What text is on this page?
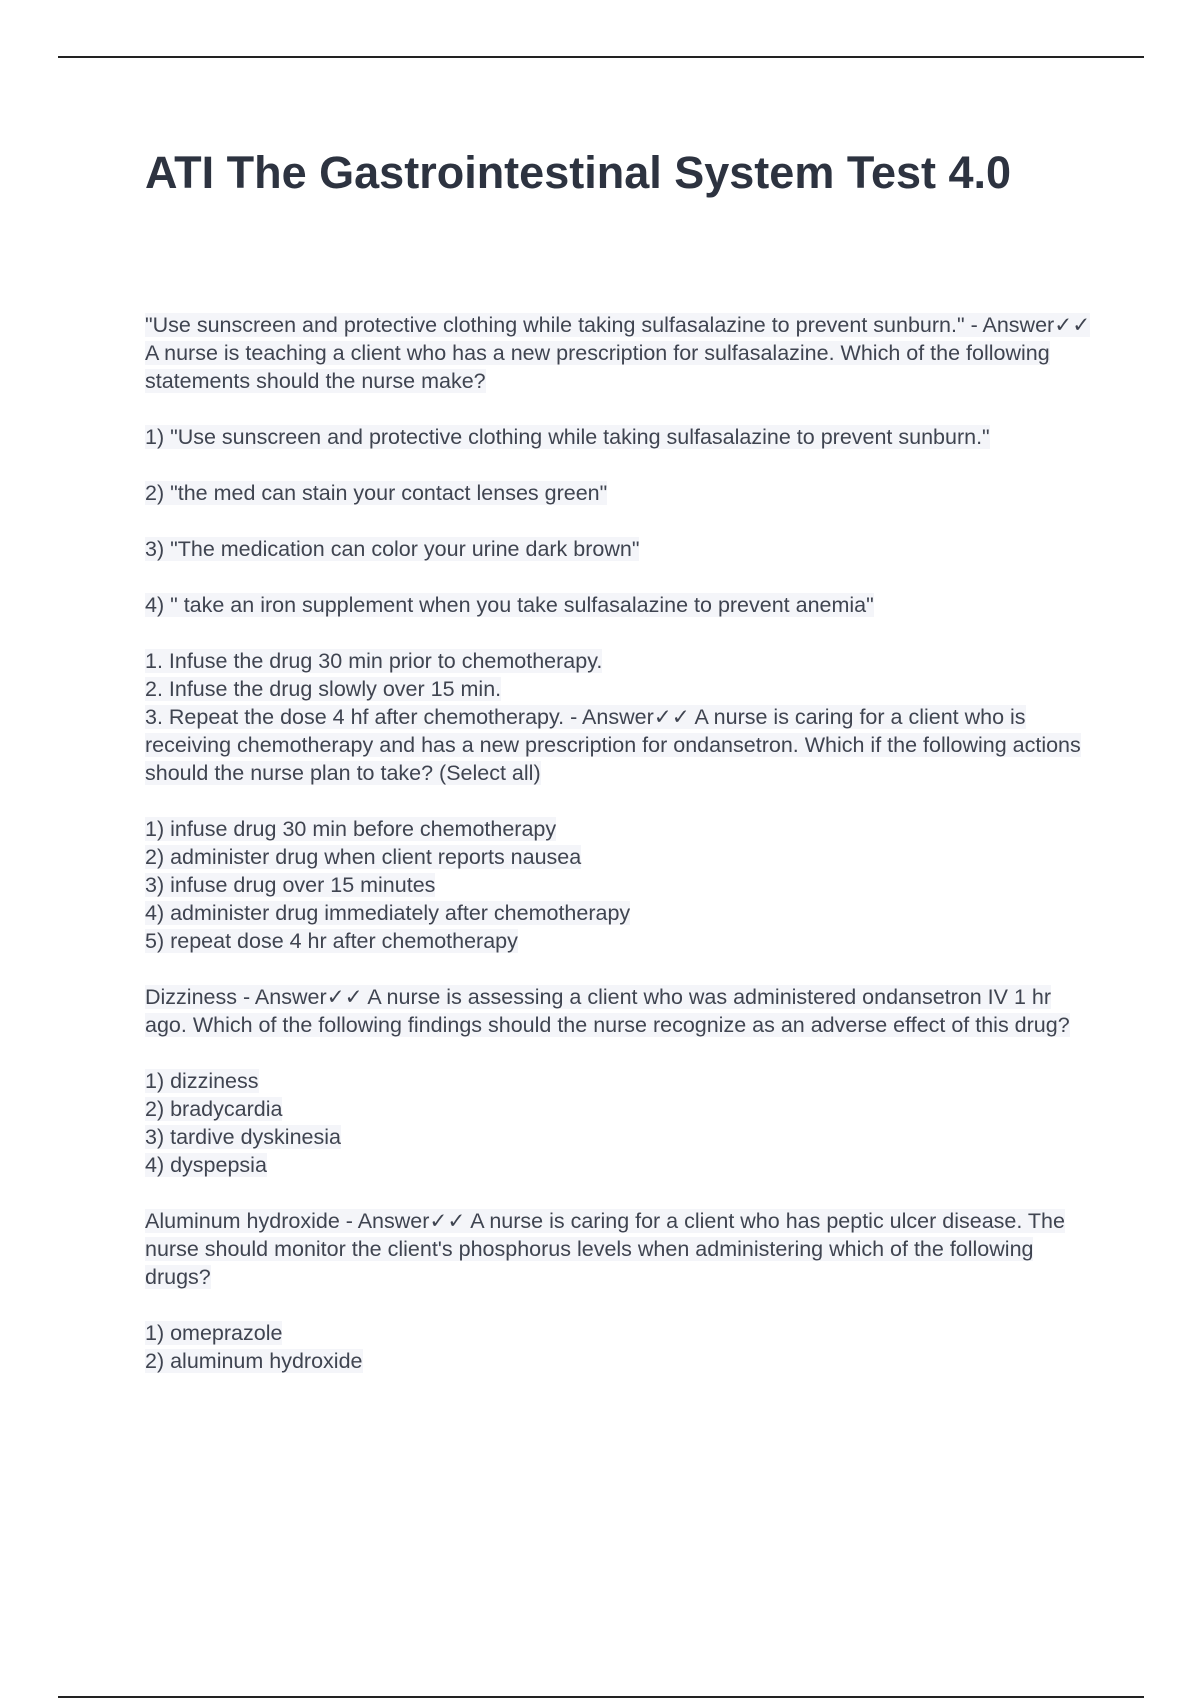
ATI The Gastrointestinal System Test 4.0

"Use sunscreen and protective clothing while taking sulfasalazine to prevent sunburn." - Answer✓✓ A nurse is teaching a client who has a new prescription for sulfasalazine. Which of the following statements should the nurse make?

1) "Use sunscreen and protective clothing while taking sulfasalazine to prevent sunburn."

2) "the med can stain your contact lenses green"

3) "The medication can color your urine dark brown"

4) " take an iron supplement when you take sulfasalazine to prevent anemia"

1. Infuse the drug 30 min prior to chemotherapy.

2. Infuse the drug slowly over 15 min.

3. Repeat the dose 4 hf after chemotherapy. - Answer✓✓ A nurse is caring for a client who is receiving chemotherapy and has a new prescription for ondansetron. Which if the following actions should the nurse plan to take? (Select all)

1) infuse drug 30 min before chemotherapy

2) administer drug when client reports nausea

3) infuse drug over 15 minutes

4) administer drug immediately after chemotherapy

5) repeat dose 4 hr after chemotherapy

Dizziness - Answer✓✓ A nurse is assessing a client who was administered ondansetron IV 1 hr ago. Which of the following findings should the nurse recognize as an adverse effect of this drug?

1) dizziness

2) bradycardia

3) tardive dyskinesia

4) dyspepsia

Aluminum hydroxide - Answer✓✓ A nurse is caring for a client who has peptic ulcer disease. The nurse should monitor the client's phosphorus levels when administering which of the following drugs?

1) omeprazole

2) aluminum hydroxide
